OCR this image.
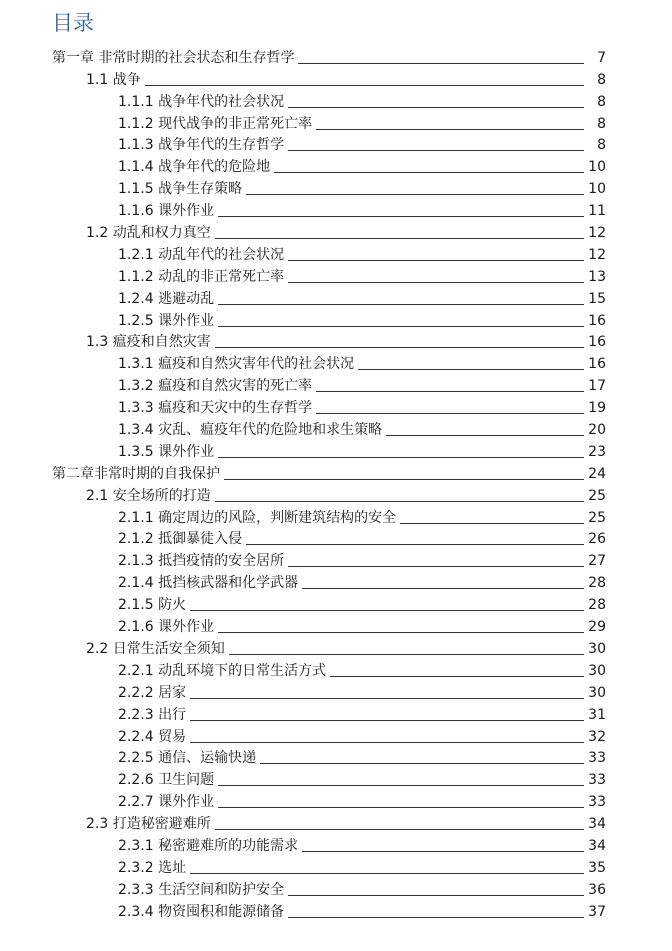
目录
第一章 非常时期的社会状态和生存哲学	7
1.1 战争	8
1.1.1 战争年代的社会状况	8
1.1.2 现代战争的非正常死亡率	8
1.1.3 战争年代的生存哲学	8
1.1.4 战争年代的危险地	10
1.1.5 战争生存策略	10
1.1.6 课外作业	11
1.2 动乱和权力真空	12
1.2.1 动乱年代的社会状况	12
1.1.2 动乱的非正常死亡率	13
1.2.4 逃避动乱	15
1.2.5 课外作业	16
1.3 瘟疫和自然灾害	16
1.3.1 瘟疫和自然灾害年代的社会状况	16
1.3.2 瘟疫和自然灾害的死亡率	17
1.3.3 瘟疫和天灾中的生存哲学	19
1.3.4 灾乱、瘟疫年代的危险地和求生策略	20
1.3.5 课外作业	23
第二章非常时期的自我保护	24
2.1 安全场所的打造	25
2.1.1 确定周边的风险，判断建筑结构的安全	25
2.1.2 抵御暴徒入侵	26
2.1.3 抵挡疫情的安全居所	27
2.1.4 抵挡核武器和化学武器	28
2.1.5 防火	28
2.1.6 课外作业	29
2.2 日常生活安全须知	30
2.2.1 动乱环境下的日常生活方式	30
2.2.2 居家	30
2.2.3 出行	31
2.2.4 贸易	32
2.2.5 通信、运输快递	33
2.2.6 卫生问题	33
2.2.7 课外作业	33
2.3 打造秘密避难所	34
2.3.1 秘密避难所的功能需求	34
2.3.2 选址	35
2.3.3 生活空间和防护安全	36
2.3.4 物资囤积和能源储备	37
